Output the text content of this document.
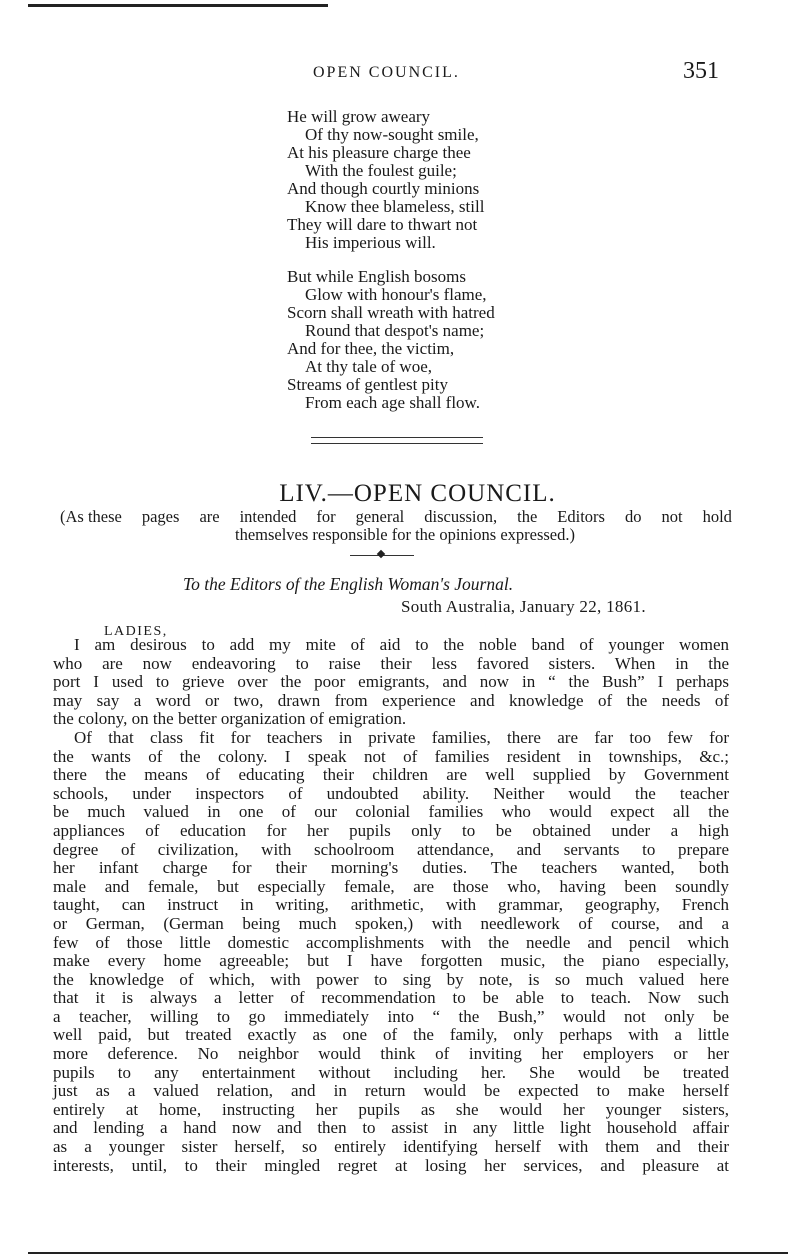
OPEN COUNCIL.	351
He will grow aweary
Of thy now-sought smile,
At his pleasure charge thee
With the foulest guile;
And though courtly minions
Know thee blameless, still
They will dare to thwart not
His imperious will.
But while English bosoms
Glow with honour's flame,
Scorn shall wreath with hatred
Round that despot's name;
And for thee, the victim,
At thy tale of woe,
Streams of gentlest pity
From each age shall flow.
LIV.—OPEN COUNCIL.
(As these pages are intended for general discussion, the Editors do not hold
themselves responsible for the opinions expressed.)
To the Editors of the English Woman's Journal.
South Australia, January 22, 1861.
LADIES,
I am desirous to add my mite of aid to the noble band of younger women
who are now endeavoring to raise their less favored sisters. When in the
port I used to grieve over the poor emigrants, and now in “ the Bush” I perhaps
may say a word or two, drawn from experience and knowledge of the needs of
the colony, on the better organization of emigration.
Of that class fit for teachers in private families, there are far too few for
the wants of the colony. I speak not of families resident in townships, &c.;
there the means of educating their children are well supplied by Government
schools, under inspectors of undoubted ability. Neither would the teacher
be much valued in one of our colonial families who would expect all the
appliances of education for her pupils only to be obtained under a high
degree of civilization, with schoolroom attendance, and servants to prepare
her infant charge for their morning's duties. The teachers wanted, both
male and female, but especially female, are those who, having been soundly
taught, can instruct in writing, arithmetic, with grammar, geography, French
or German, (German being much spoken,) with needlework of course, and a
few of those little domestic accomplishments with the needle and pencil which
make every home agreeable; but I have forgotten music, the piano especially,
the knowledge of which, with power to sing by note, is so much valued here
that it is always a letter of recommendation to be able to teach. Now such
a teacher, willing to go immediately into “ the Bush,” would not only be
well paid, but treated exactly as one of the family, only perhaps with a little
more deference. No neighbor would think of inviting her employers or her
pupils to any entertainment without including her. She would be treated
just as a valued relation, and in return would be expected to make herself
entirely at home, instructing her pupils as she would her younger sisters,
and lending a hand now and then to assist in any little light household affair
as a younger sister herself, so entirely identifying herself with them and their
interests, until, to their mingled regret at losing her services, and pleasure at
